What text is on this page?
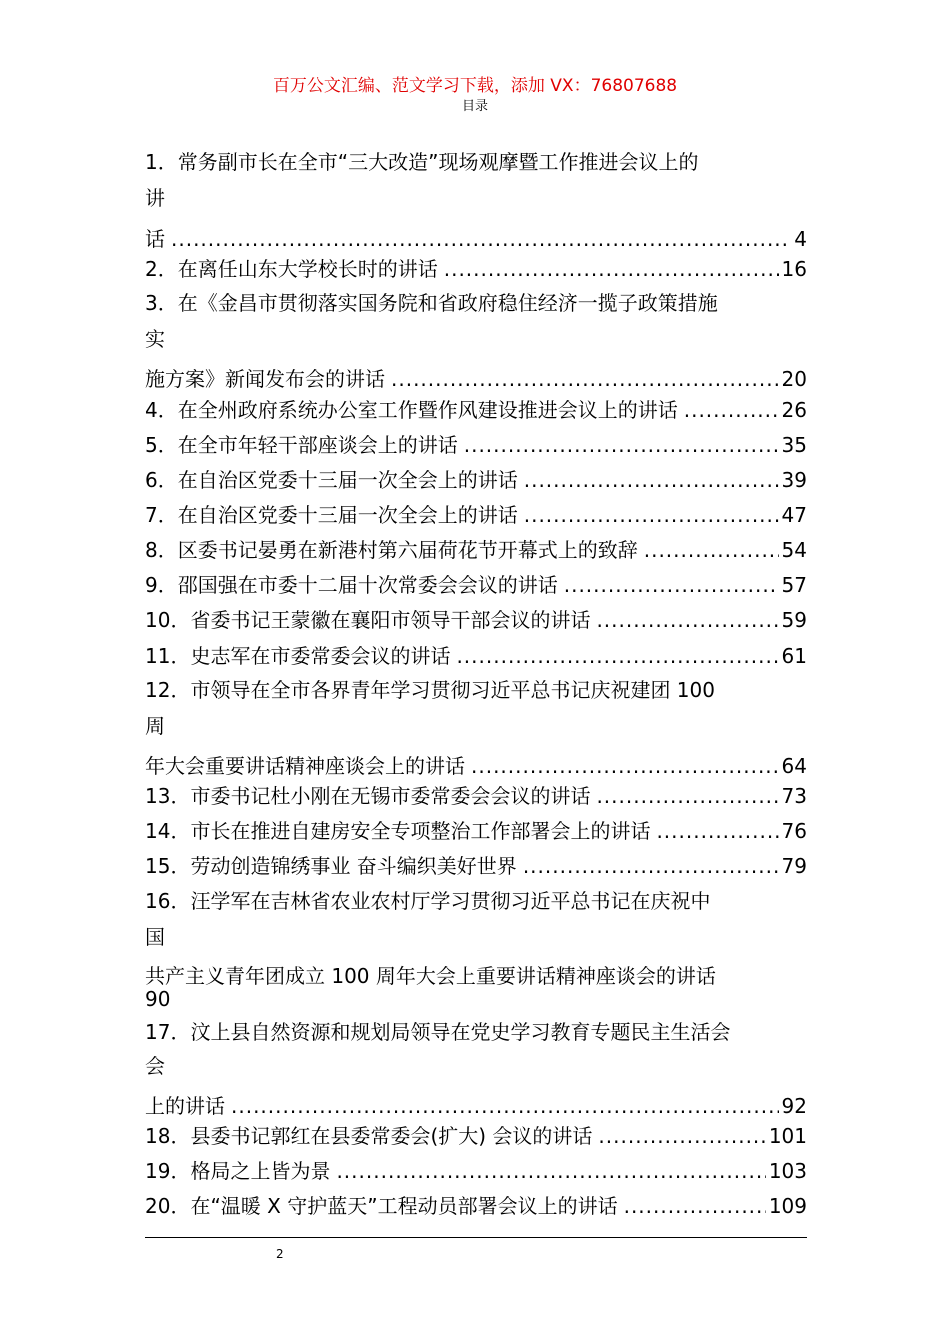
百万公文汇编、范文学习下载，添加 VX：76807688
目录
1．常务副市长在全市“三大改造”现场观摩暨工作推进会议上的
讲
话 .....	4
2．在离任山东大学校长时的讲话 .....	16
3．在《金昌市贯彻落实国务院和省政府稳住经济一揽子政策措施
实
施方案》新闻发布会的讲话 .....	20
4．在全州政府系统办公室工作暨作风建设推进会议上的讲话 .....	26
5．在全市年轻干部座谈会上的讲话 .....	35
6．在自治区党委十三届一次全会上的讲话 .....	39
7．在自治区党委十三届一次全会上的讲话 .....	47
8．区委书记晏勇在新港村第六届荷花节开幕式上的致辞 .....	54
9．邵国强在市委十二届十次常委会会议的讲话 .....	57
10．省委书记王蒙徽在襄阳市领导干部会议的讲话 .....	59
11．史志军在市委常委会议的讲话 .....	61
12．市领导在全市各界青年学习贯彻习近平总书记庆祝建团 100
周
年大会重要讲话精神座谈会上的讲话 .....	64
13．市委书记杜小刚在无锡市委常委会会议的讲话 .....	73
14．市长在推进自建房安全专项整治工作部署会上的讲话 .....	76
15．劳动创造锦绣事业 奋斗编织美好世界 .....	79
16．汪学军在吉林省农业农村厅学习贯彻习近平总书记在庆祝中
国
共产主义青年团成立 100 周年大会上重要讲话精神座谈会的讲话
90
17．汶上县自然资源和规划局领导在党史学习教育专题民主生活会
会
上的讲话 .....	92
18．县委书记郭红在县委常委会(扩大) 会议的讲话 .....	101
19．格局之上皆为景 .....	103
20．在“温暖 X 守护蓝天”工程动员部署会议上的讲话 .....	109
2
